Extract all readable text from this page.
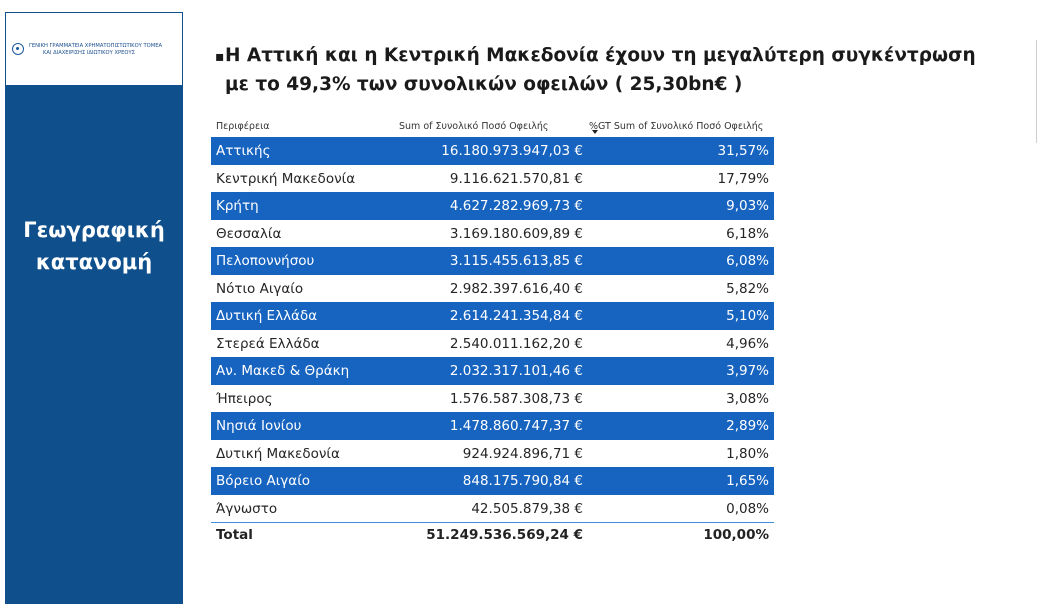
ΓΕΝΙΚΗ ΓΡΑΜΜΑΤΕΙΑ ΧΡΗΜΑΤΟΠΙΣΤΩΤΙΚΟΥ ΤΟΜΕΑ
ΚΑΙ ΔΙΑΧΕΙΡΙΣΗΣ ΙΔΙΩΤΙΚΟΥ ΧΡΕΟΥΣ
Γεωγραφική
κατανομή
▪Η Αττική και η Κεντρική Μακεδονία έχουν τη μεγαλύτερη συγκέντρωση
με το 49,3% των συνολικών οφειλών ( 25,30bn€ )
Περιφέρεια	Sum of Συνολικό Ποσό Οφειλής	%GT Sum of Συνολικό Ποσό Οφειλής
Αττικής	16.180.973.947,03 €	31,57%
Κεντρική Μακεδονία	9.116.621.570,81 €	17,79%
Κρήτη	4.627.282.969,73 €	9,03%
Θεσσαλία	3.169.180.609,89 €	6,18%
Πελοποννήσου	3.115.455.613,85 €	6,08%
Νότιο Αιγαίο	2.982.397.616,40 €	5,82%
Δυτική Ελλάδα	2.614.241.354,84 €	5,10%
Στερεά Ελλάδα	2.540.011.162,20 €	4,96%
Αν. Μακεδ & Θράκη	2.032.317.101,46 €	3,97%
Ήπειρος	1.576.587.308,73 €	3,08%
Νησιά Ιονίου	1.478.860.747,37 €	2,89%
Δυτική Μακεδονία	924.924.896,71 €	1,80%
Βόρειο Αιγαίο	848.175.790,84 €	1,65%
Άγνωστο	42.505.879,38 €	0,08%
Total	51.249.536.569,24 €	100,00%
